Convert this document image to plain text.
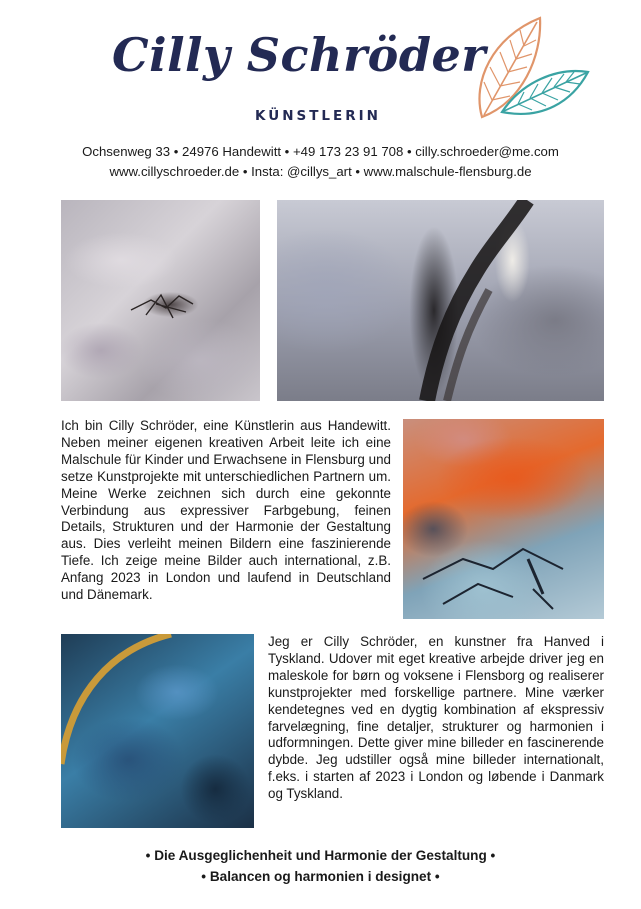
Cilly Schröder
KÜNSTLERIN
Ochsenweg 33 • 24976 Handewitt • +49 173 23 91 708 • cilly.schroeder@me.com
www.cillyschroeder.de • Insta: @cillys_art • www.malschule-flensburg.de

Ich bin Cilly Schröder, eine Künstlerin aus Handewitt. Neben meiner eigenen kreativen Arbeit leite ich eine Malschule für Kinder und Erwachsene in Flensburg und setze Kunstprojekte mit unterschiedlichen Partnern um. Meine Werke zeichnen sich durch eine gekonnte Verbindung aus expressiver Farbgebung, feinen Details, Strukturen und der Harmonie der Gestaltung aus. Dies verleiht meinen Bildern eine faszinierende Tiefe. Ich zeige meine Bilder auch international, z.B. Anfang 2023 in London und laufend in Deutschland und Dänemark.

Jeg er Cilly Schröder, en kunstner fra Hanved i Tyskland. Udover mit eget kreative arbejde driver jeg en maleskole for børn og voksene i Flensborg og realiserer kunstprojekter med forskellige partnere. Mine værker kendetegnes ved en dygtig kombination af ekspressiv farvelægning, fine detaljer, strukturer og harmonien i udformningen. Dette giver mine billeder en fascinerende dybde. Jeg udstiller også mine billeder internationalt, f.eks. i starten af 2023 i London og løbende i Danmark og Tyskland.

• Die Ausgeglichenheit und Harmonie der Gestaltung •
• Balancen og harmonien i designet •
